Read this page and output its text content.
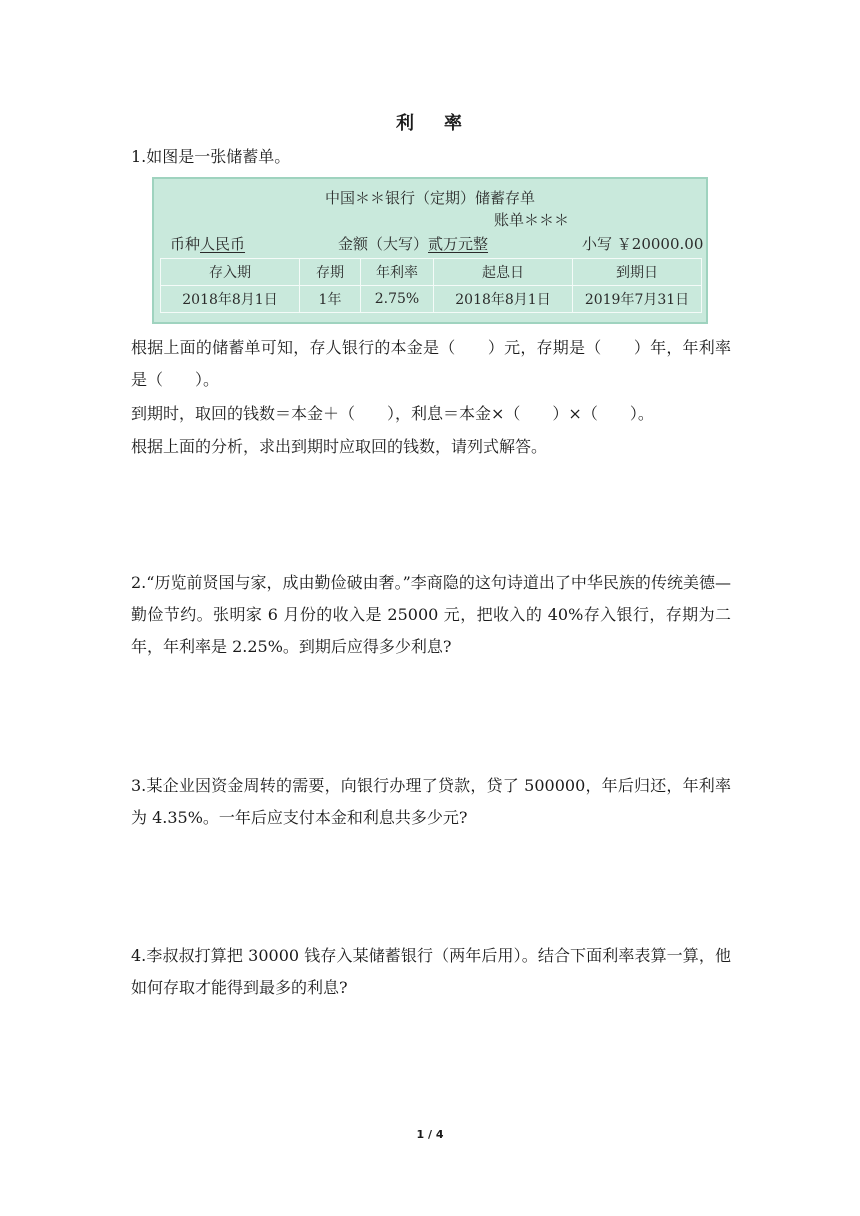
利 率
1.如图是一张储蓄单。
中国＊＊银行（定期）储蓄存单
账单＊＊＊
币种人民币	金额（大写）贰万元整	小写 ￥20000.00
存入期	存期	年利率	起息日	到期日
2018年8月1日	1年	2.75%	2018年8月1日	2019年7月31日
根据上面的储蓄单可知，存人银行的本金是（　　）元，存期是（　　）年，年利率是（　　）。
到期时，取回的钱数＝本金＋（　　），利息＝本金×（　　）×（　　）。
根据上面的分析，求出到期时应取回的钱数，请列式解答。
2.“历览前贤国与家，成由勤俭破由奢。”李商隐的这句诗道出了中华民族的传统美德—勤俭节约。张明家 6 月份的收入是 25000 元，把收入的 40%存入银行，存期为二年，年利率是 2.25%。到期后应得多少利息?
3.某企业因资金周转的需要，向银行办理了贷款，贷了 500000，年后归还，年利率为 4.35%。一年后应支付本金和利息共多少元?
4.李叔叔打算把 30000 钱存入某储蓄银行（两年后用）。结合下面利率表算一算，他如何存取才能得到最多的利息?
1 / 4
